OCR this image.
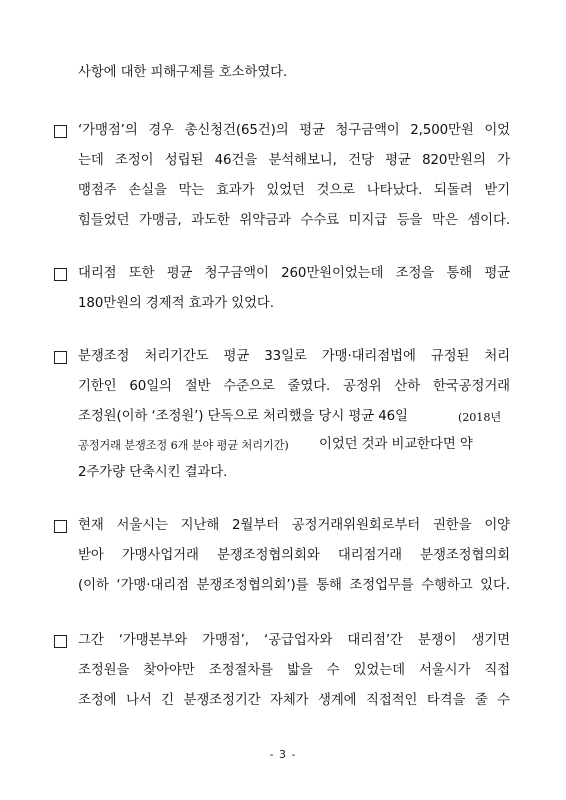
사항에 대한 피해구제를 호소하였다.
‘가맹점’의 경우 총신청건(65건)의 평균 청구금액이 2,500만원 이었
는데 조정이 성립된 46건을 분석해보니, 건당 평균 820만원의 가
맹점주 손실을 막는 효과가 있었던 것으로 나타났다. 되돌려 받기
힘들었던 가맹금, 과도한 위약금과 수수료 미지급 등을 막은 셈이다.
대리점 또한 평균 청구금액이 260만원이었는데 조정을 통해 평균
180만원의 경제적 효과가 있었다.
분쟁조정 처리기간도 평균 33일로 가맹·대리점법에 규정된 처리
기한인 60일의 절반 수준으로 줄였다. 공정위 산하 한국공정거래
조정원(이하 ‘조정원’) 단독으로 처리했을 당시 평균 46일	(2018년
공정거래 분쟁조정 6개 분야 평균 처리기간) 이었던 것과 비교한다면 약
2주가량 단축시킨 결과다.
현재 서울시는 지난해 2월부터 공정거래위원회로부터 권한을 이양
받아 가맹사업거래 분쟁조정협의회와 대리점거래 분쟁조정협의회
(이하 ‘가맹·대리점 분쟁조정협의회’)를 통해 조정업무를 수행하고 있다.
그간 ‘가맹본부와 가맹점’, ‘공급업자와 대리점’간 분쟁이 생기면
조정원을 찾아야만 조정절차를 밟을 수 있었는데 서울시가 직접
조정에 나서 긴 분쟁조정기간 자체가 생계에 직접적인 타격을 줄 수
- 3 -
